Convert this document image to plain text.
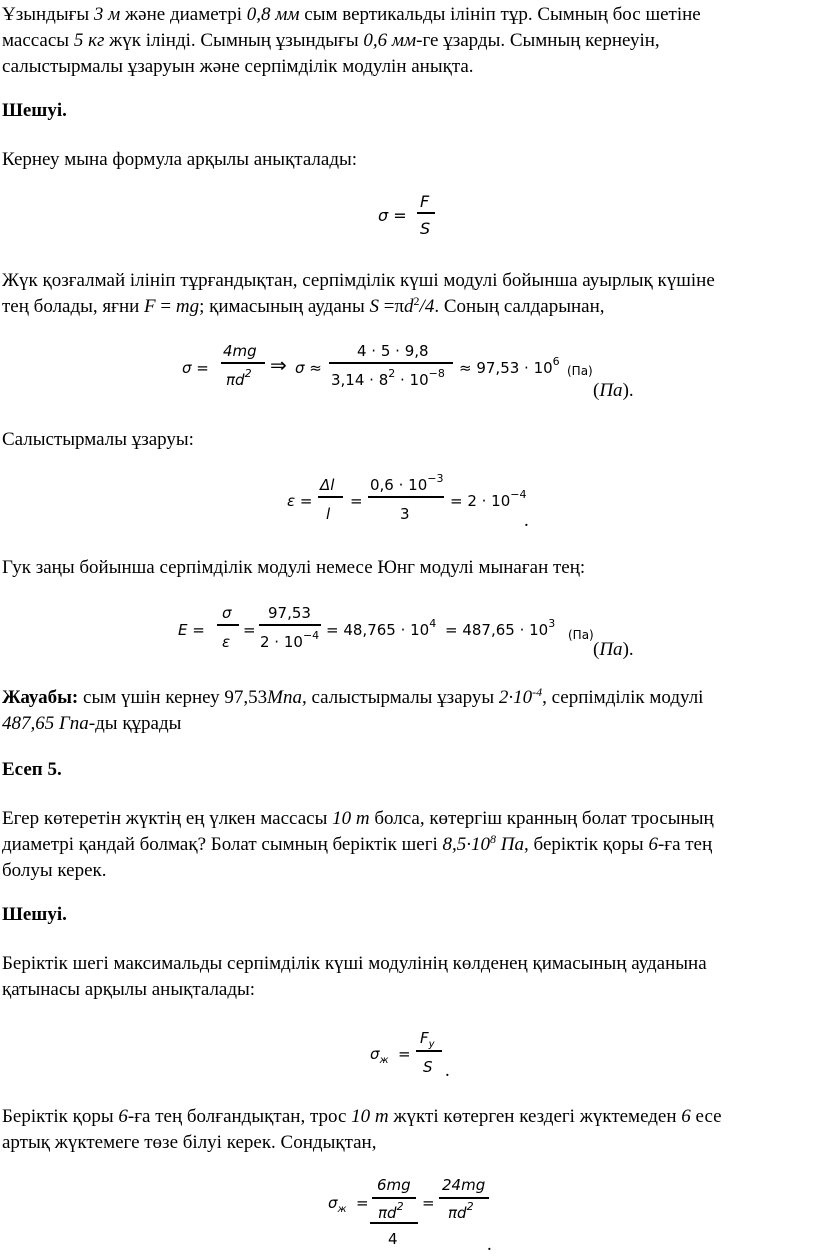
Ұзындығы 3 м және диаметрі 0,8 мм сым вертикальды ілініп тұр. Сымның бос шетіне
массасы 5 кг жүк ілінді. Сымның ұзындығы 0,6 мм-ге ұзарды. Сымның кернеуін,
салыстырмалы ұзаруын және серпімділік модулін анықта.

Шешуі.

Кернеу мына формула арқылы анықталады:

σ =
F
S

Жүк қозғалмай ілініп тұрғандықтан, серпімділік күші модулі бойынша ауырлық күшіне
тең болады, яғни F = mg; қимасының ауданы $S =\pi d^2/4$. Соның салдарынан,

σ =
4mg
$\pi d^2$ ⇒ σ ≈
4 · 5 · 9,8
$3,14 \cdot 8^2 \cdot 10^{-8} \approx 97,53 \cdot 10^6$
(Па)
(Па).

Салыстырмалы ұзаруы:

ε =
Δl
l
=
$0,6 \cdot 10^{-3}$
3
= $2 \cdot 10^{-4}$
.

Гук заңы бойынша серпімділік модулі немесе Юнг модулі мынаған тең:

E =
σ
ε
=
97,53
$2 \cdot 10^{-4} = 48,765 \cdot 10^4 = 487,65 \cdot 10^3$
(Па)
(Па).

Жауабы: сым үшін кернеу 97,53Мпа, салыстырмалы ұзаруы $2\cdot 10^{-4}$, серпімділік модулі
487,65 Гпа-ды құрады

Есеп 5.

Егер көтеретін жүктің ең үлкен массасы 10 т болса, көтергіш кранның болат тросының
диаметрі қандай болмақ? Болат сымның беріктік шегі $8,5\cdot 10^8$ Па, беріктік қоры 6-ға тең
болуы керек.

Шешуі.

Беріктік шегі максимальды серпімділік күші модулінің көлденең қимасының ауданына
қатынасы арқылы анықталады:

$\sigma_ж$ =
$F_у$
S .

Беріктік қоры 6-ға тең болғандықтан, трос 10 т жүкті көтерген кездегі жүктемеден 6 есе
артық жүктемеге төзе білуі керек. Сондықтан,

$\sigma_ж$ =
6mg
$\pi d^2$
4
=
24mg
$\pi d^2$
.
